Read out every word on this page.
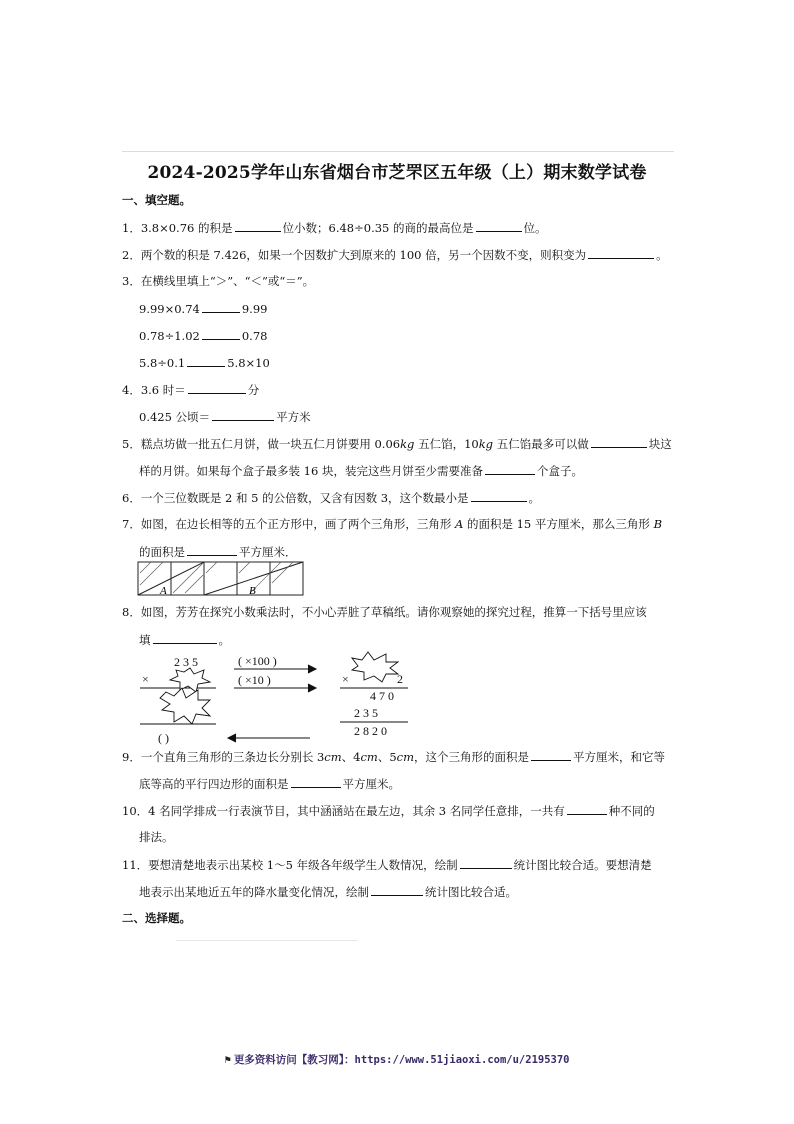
2024-2025学年山东省烟台市芝罘区五年级（上）期末数学试卷
一、填空题。
1．3.8×0.76 的积是	位小数；6.48÷0.35 的商的最高位是	位。
2．两个数的积是 7.426，如果一个因数扩大到原来的 100 倍，另一个因数不变，则积变为	。
3．在横线里填上“＞”、“＜”或“＝”。
9.99×0.74	9.99
0.78÷1.02	0.78
5.8÷0.1	5.8×10
4．3.6 时＝	分
0.425 公顷＝	平方米
5．糕点坊做一批五仁月饼，做一块五仁月饼要用 0.06kg 五仁馅，10kg 五仁馅最多可以做	块这
样的月饼。如果每个盒子最多装 16 块，装完这些月饼至少需要准备	个盒子。
6．一个三位数既是 2 和 5 的公倍数，又含有因数 3，这个数最小是	。
7．如图，在边长相等的五个正方形中，画了两个三角形，三角形 A 的面积是 15 平方厘米，那么三角形 B
的面积是	平方厘米．
A	B
8．如图，芳芳在探究小数乘法时，不小心弄脏了草稿纸。请你观察她的探究过程，推算一下括号里应该
填	。
2 3 5
×
( )
( ×100 )
( ×10 )	×	2
4 7 0
2 3 5
2 8 2 0
9．一个直角三角形的三条边长分别长 3cm、4cm、5cm，这个三角形的面积是	平方厘米，和它等
底等高的平行四边形的面积是	平方厘米。
10．4 名同学排成一行表演节目，其中涵涵站在最左边，其余 3 名同学任意排，一共有	种不同的
排法。
11．要想清楚地表示出某校 1～5 年级各年级学生人数情况，绘制	统计图比较合适。要想清楚
地表示出某地近五年的降水量变化情况，绘制	统计图比较合适。
二、选择题。
⚑ 更多资料访问【教习网】：https://www.51jiaoxi.com/u/2195370
